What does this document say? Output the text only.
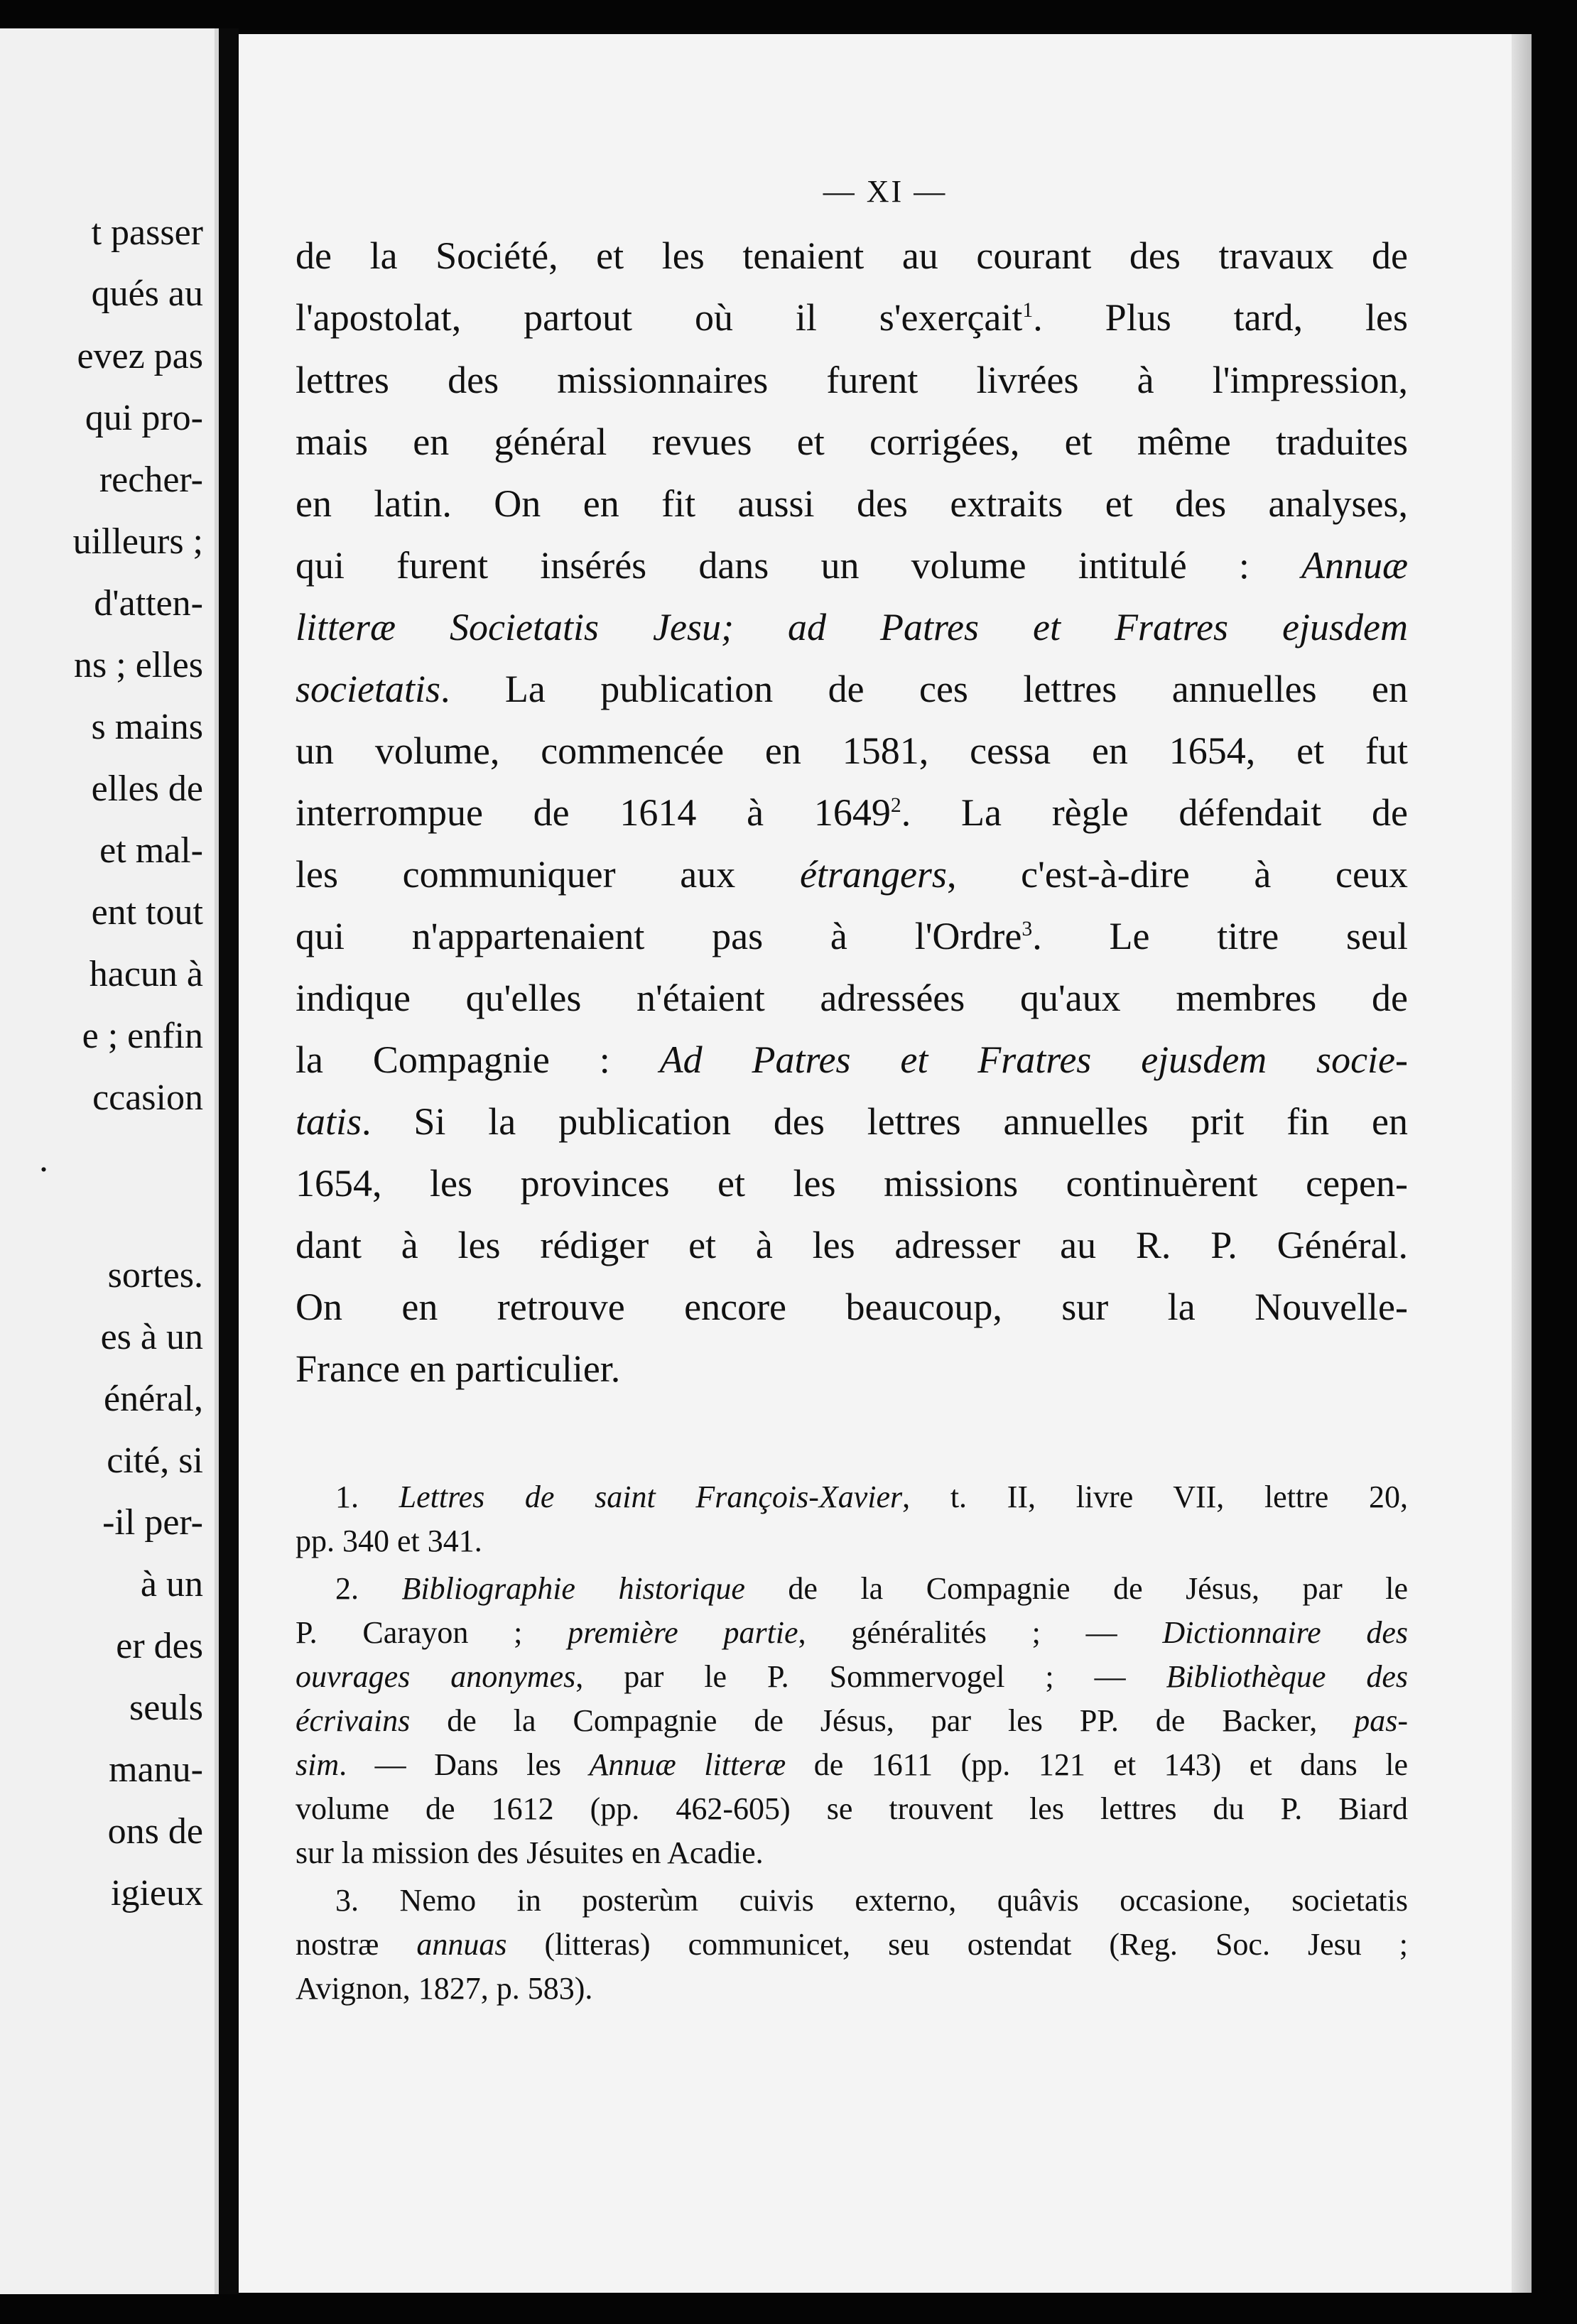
t passer
qués au
evez pas
qui pro-
recher-
uilleurs ;
d'atten-
ns ; elles
s mains
elles de
et mal-
ent tout
hacun à
e ; enfin
ccasion
.
sortes.
es à un
énéral,
cité, si
-il per-
à un
er des
seuls
manu-
ons de
igieux
— XI —
de la Société, et les tenaient au courant des travaux de
l'apostolat, partout où il s'exerçait$^1$. Plus tard, les
lettres des missionnaires furent livrées à l'impression,
mais en général revues et corrigées, et même traduites
en latin. On en fit aussi des extraits et des analyses,
qui furent insérés dans un volume intitulé : Annuæ
litteræ Societatis Jesu; ad Patres et Fratres ejusdem
societatis. La publication de ces lettres annuelles en
un volume, commencée en 1581, cessa en 1654, et fut
interrompue de 1614 à 1649$^2$. La règle défendait de
les communiquer aux étrangers, c'est-à-dire à ceux
qui n'appartenaient pas à l'Ordre$^3$. Le titre seul
indique qu'elles n'étaient adressées qu'aux membres de
la Compagnie : Ad Patres et Fratres ejusdem socie-
tatis. Si la publication des lettres annuelles prit fin en
1654, les provinces et les missions continuèrent cepen-
dant à les rédiger et à les adresser au R. P. Général.
On en retrouve encore beaucoup, sur la Nouvelle-
France en particulier.
1. Lettres de saint François-Xavier, t. II, livre VII, lettre 20,
pp. 340 et 341.
2. Bibliographie historique de la Compagnie de Jésus, par le
P. Carayon ; première partie, généralités ; — Dictionnaire des
ouvrages anonymes, par le P. Sommervogel ; — Bibliothèque des
écrivains de la Compagnie de Jésus, par les PP. de Backer, pas-
sim. — Dans les Annuæ litteræ de 1611 (pp. 121 et 143) et dans le
volume de 1612 (pp. 462-605) se trouvent les lettres du P. Biard
sur la mission des Jésuites en Acadie.
3. Nemo in posterùm cuivis externo, quâvis occasione, societatis
nostræ annuas (litteras) communicet, seu ostendat (Reg. Soc. Jesu ;
Avignon, 1827, p. 583).
